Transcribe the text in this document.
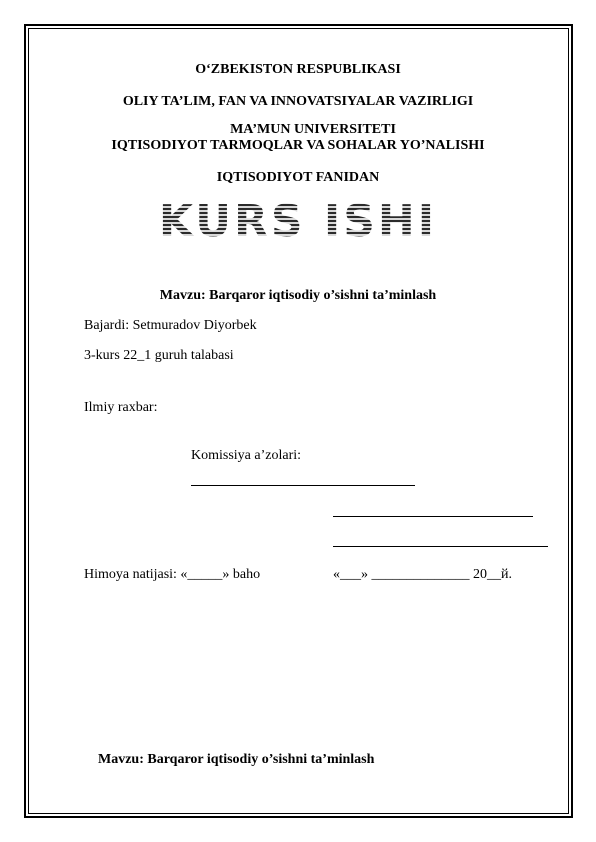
O‘ZBEKISTON RESPUBLIKASI
OLIY TA’LIM, FAN VA INNOVATSIYALAR VAZIRLIGI
MA’MUN UNIVERSITETI
IQTISODIYOT TARMOQLAR VA SOHALAR YO’NALISHI
IQTISODIYOT FANIDAN
KURS ISHI
Mavzu: Barqaror iqtisodiy o’sishni ta’minlash
Bajardi: Setmuradov Diyorbek
3-kurs 22_1 guruh talabasi
Ilmiy raxbar:
Komissiya a’zolari:
Himoya natijasi: «_____» baho	«___» ______________ 20__й.
Mavzu: Barqaror iqtisodiy o’sishni ta’minlash
